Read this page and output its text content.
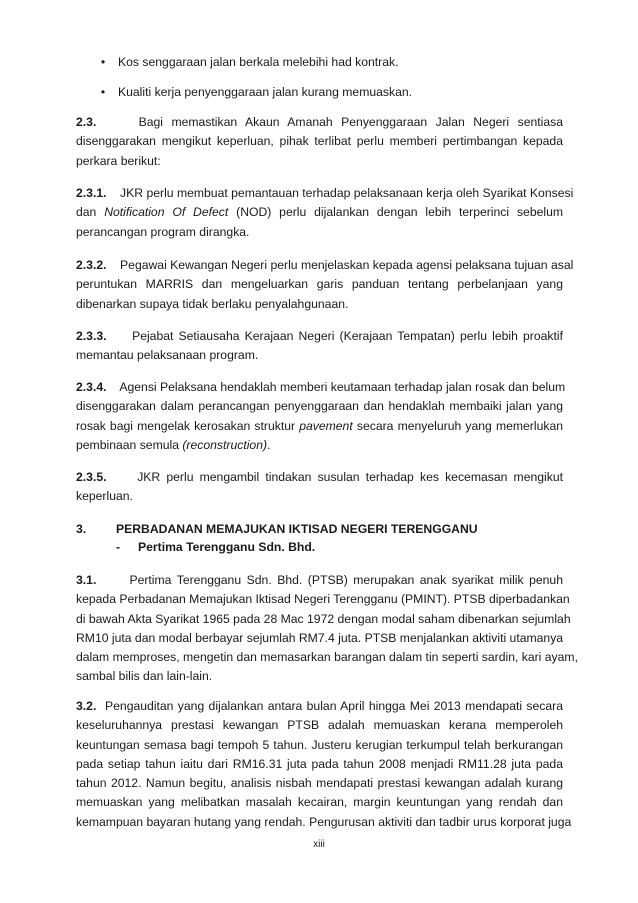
•	Kos senggaraan jalan berkala melebihi had kontrak.
•	Kualiti kerja penyenggaraan jalan kurang memuaskan.
2.3.	Bagi memastikan Akaun Amanah Penyenggaraan Jalan Negeri sentiasa
disenggarakan mengikut keperluan, pihak terlibat perlu memberi pertimbangan kepada
perkara berikut:
2.3.1. JKR perlu membuat pemantauan terhadap pelaksanaan kerja oleh Syarikat Konsesi
dan Notification Of Defect (NOD) perlu dijalankan dengan lebih terperinci sebelum
perancangan program dirangka.
2.3.2. Pegawai Kewangan Negeri perlu menjelaskan kepada agensi pelaksana tujuan asal
peruntukan MARRIS dan mengeluarkan garis panduan tentang perbelanjaan yang
dibenarkan supaya tidak berlaku penyalahgunaan.
2.3.3. Pejabat Setiausaha Kerajaan Negeri (Kerajaan Tempatan) perlu lebih proaktif
memantau pelaksanaan program.
2.3.4. Agensi Pelaksana hendaklah memberi keutamaan terhadap jalan rosak dan belum
disenggarakan dalam perancangan penyenggaraan dan hendaklah membaiki jalan yang
rosak bagi mengelak kerosakan struktur pavement secara menyeluruh yang memerlukan
pembinaan semula (reconstruction).
2.3.5.	JKR perlu mengambil tindakan susulan terhadap kes kecemasan mengikut
keperluan.
3. PERBADANAN MEMAJUKAN IKTISAD NEGERI TERENGGANU
- Pertima Terengganu Sdn. Bhd.
3.1.	Pertima Terengganu Sdn. Bhd. (PTSB) merupakan anak syarikat milik penuh
kepada Perbadanan Memajukan Iktisad Negeri Terengganu (PMINT). PTSB diperbadankan
di bawah Akta Syarikat 1965 pada 28 Mac 1972 dengan modal saham dibenarkan sejumlah
RM10 juta dan modal berbayar sejumlah RM7.4 juta. PTSB menjalankan aktiviti utamanya
dalam memproses, mengetin dan memasarkan barangan dalam tin seperti sardin, kari ayam,
sambal bilis dan lain-lain.
3.2. Pengauditan yang dijalankan antara bulan April hingga Mei 2013 mendapati secara
keseluruhannya prestasi kewangan PTSB adalah memuaskan kerana memperoleh
keuntungan semasa bagi tempoh 5 tahun. Justeru kerugian terkumpul telah berkurangan
pada setiap tahun iaitu dari RM16.31 juta pada tahun 2008 menjadi RM11.28 juta pada
tahun 2012. Namun begitu, analisis nisbah mendapati prestasi kewangan adalah kurang
memuaskan yang melibatkan masalah kecairan, margin keuntungan yang rendah dan
kemampuan bayaran hutang yang rendah. Pengurusan aktiviti dan tadbir urus korporat juga
xiii
